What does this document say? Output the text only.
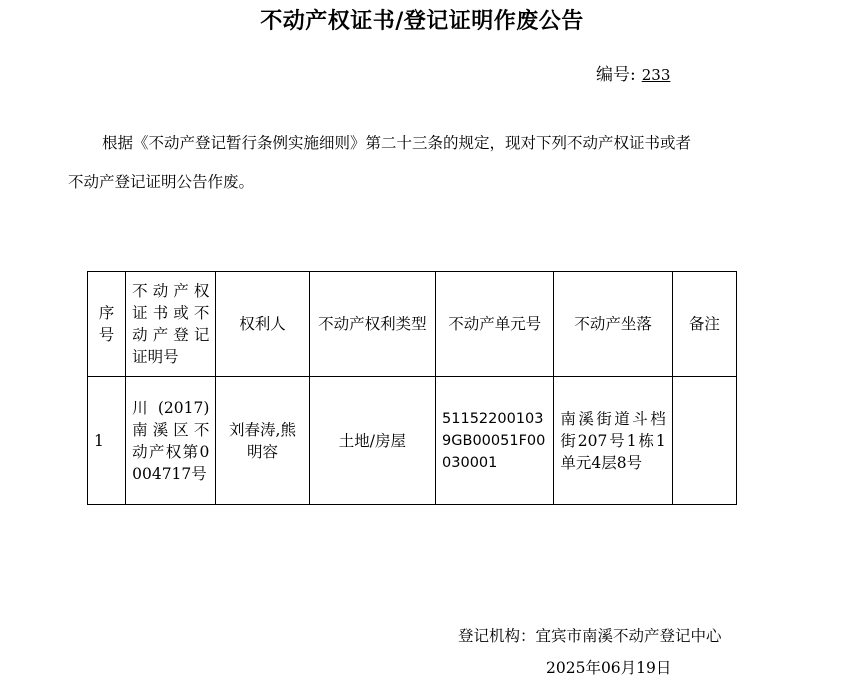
不动产权证书/登记证明作废公告
编号: 233
根据《不动产登记暂行条例实施细则》第二十三条的规定，现对下列不动产权证书或者
不动产登记证明公告作废。
序号	不动产权证书或不动产登记证明号	权利人	不动产权利类型	不动产单元号	不动产坐落	备注
1	川(2017)南溪区不动产权第0004717号	刘春涛,熊明容	土地/房屋	511522001039GB00051F00030001	南溪街道斗档街207号1栋1单元4层8号	
登记机构：宜宾市南溪不动产登记中心
2025年06月19日
